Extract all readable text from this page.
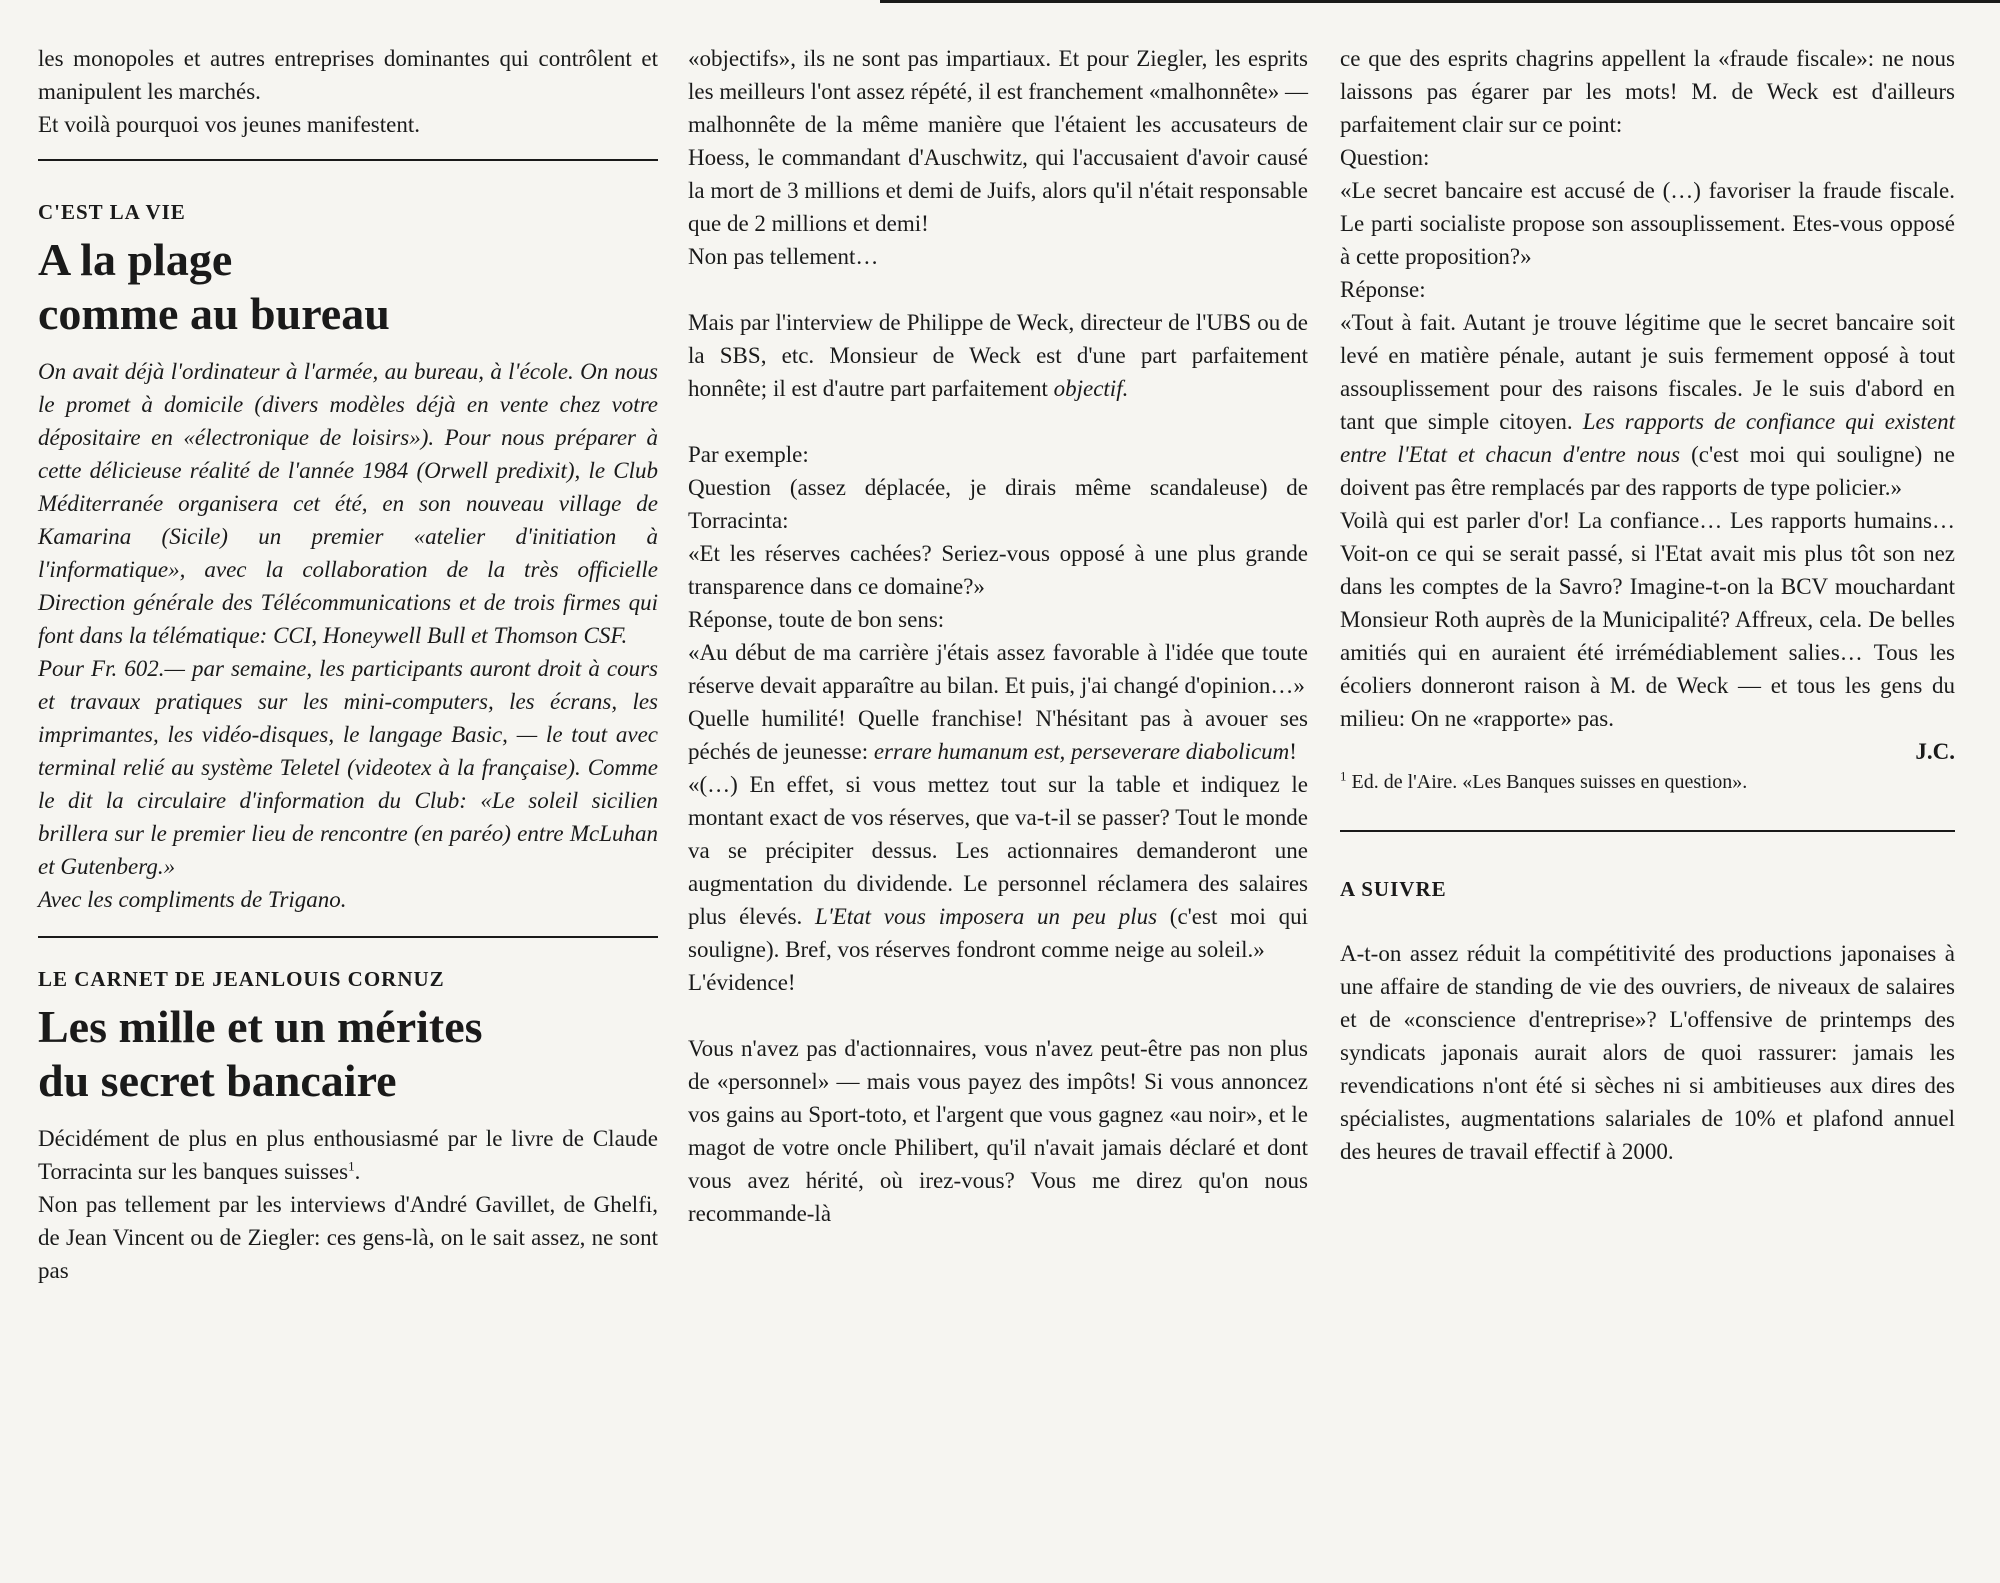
les monopoles et autres entreprises dominantes qui contrôlent et manipulent les marchés.

Et voilà pourquoi vos jeunes manifestent.

C'EST LA VIE
A la plage
comme au bureau

On avait déjà l'ordinateur à l'armée, au bureau, à l'école. On nous le promet à domicile (divers modèles déjà en vente chez votre dépositaire en «électronique de loisirs»). Pour nous préparer à cette délicieuse réalité de l'année 1984 (Orwell predixit), le Club Méditerranée organisera cet été, en son nouveau village de Kamarina (Sicile) un premier «atelier d'initiation à l'informatique», avec la collaboration de la très officielle Direction générale des Télécommunications et de trois firmes qui font dans la télématique: CCI, Honeywell Bull et Thomson CSF.

Pour Fr. 602.— par semaine, les participants auront droit à cours et travaux pratiques sur les mini-computers, les écrans, les imprimantes, les vidéo-disques, le langage Basic, — le tout avec terminal relié au système Teletel (videotex à la française). Comme le dit la circulaire d'information du Club: «Le soleil sicilien brillera sur le premier lieu de rencontre (en paréo) entre McLuhan et Gutenberg.»

Avec les compliments de Trigano.

LE CARNET DE JEANLOUIS CORNUZ
Les mille et un mérites
du secret bancaire

Décidément de plus en plus enthousiasmé par le livre de Claude Torracinta sur les banques suisses$^1$.

Non pas tellement par les interviews d'André Gavillet, de Ghelfi, de Jean Vincent ou de Ziegler: ces gens-là, on le sait assez, ne sont pas

«objectifs», ils ne sont pas impartiaux. Et pour Ziegler, les esprits les meilleurs l'ont assez répété, il est franchement «malhonnête» — malhonnête de la même manière que l'étaient les accusateurs de Hoess, le commandant d'Auschwitz, qui l'accusaient d'avoir causé la mort de 3 millions et demi de Juifs, alors qu'il n'était responsable que de 2 millions et demi!

Non pas tellement…

Mais par l'interview de Philippe de Weck, directeur de l'UBS ou de la SBS, etc. Monsieur de Weck est d'une part parfaitement honnête; il est d'autre part parfaitement objectif.

Par exemple:

Question (assez déplacée, je dirais même scandaleuse) de Torracinta:

«Et les réserves cachées? Seriez-vous opposé à une plus grande transparence dans ce domaine?»

Réponse, toute de bon sens:

«Au début de ma carrière j'étais assez favorable à l'idée que toute réserve devait apparaître au bilan. Et puis, j'ai changé d'opinion…»

Quelle humilité! Quelle franchise! N'hésitant pas à avouer ses péchés de jeunesse: errare humanum est, perseverare diabolicum!

«(…) En effet, si vous mettez tout sur la table et indiquez le montant exact de vos réserves, que va-t-il se passer? Tout le monde va se précipiter dessus. Les actionnaires demanderont une augmentation du dividende. Le personnel réclamera des salaires plus élevés. L'Etat vous imposera un peu plus (c'est moi qui souligne). Bref, vos réserves fondront comme neige au soleil.»

L'évidence!

Vous n'avez pas d'actionnaires, vous n'avez peut-être pas non plus de «personnel» — mais vous payez des impôts! Si vous annoncez vos gains au Sport-toto, et l'argent que vous gagnez «au noir», et le magot de votre oncle Philibert, qu'il n'avait jamais déclaré et dont vous avez hérité, où irez-vous? Vous me direz qu'on nous recommande-là

ce que des esprits chagrins appellent la «fraude fiscale»: ne nous laissons pas égarer par les mots! M. de Weck est d'ailleurs parfaitement clair sur ce point:

Question:

«Le secret bancaire est accusé de (…) favoriser la fraude fiscale. Le parti socialiste propose son assouplissement. Etes-vous opposé à cette proposition?»

Réponse:

«Tout à fait. Autant je trouve légitime que le secret bancaire soit levé en matière pénale, autant je suis fermement opposé à tout assouplissement pour des raisons fiscales. Je le suis d'abord en tant que simple citoyen. Les rapports de confiance qui existent entre l'Etat et chacun d'entre nous (c'est moi qui souligne) ne doivent pas être remplacés par des rapports de type policier.»

Voilà qui est parler d'or! La confiance… Les rapports humains… Voit-on ce qui se serait passé, si l'Etat avait mis plus tôt son nez dans les comptes de la Savro? Imagine-t-on la BCV mouchardant Monsieur Roth auprès de la Municipalité? Affreux, cela. De belles amitiés qui en auraient été irrémédiablement salies… Tous les écoliers donneront raison à M. de Weck — et tous les gens du milieu: On ne «rapporte» pas.

J.C.

$^1$ Ed. de l'Aire. «Les Banques suisses en question».

A SUIVRE

A-t-on assez réduit la compétitivité des productions japonaises à une affaire de standing de vie des ouvriers, de niveaux de salaires et de «conscience d'entreprise»? L'offensive de printemps des syndicats japonais aurait alors de quoi rassurer: jamais les revendications n'ont été si sèches ni si ambitieuses aux dires des spécialistes, augmentations salariales de 10% et plafond annuel des heures de travail effectif à 2000.
